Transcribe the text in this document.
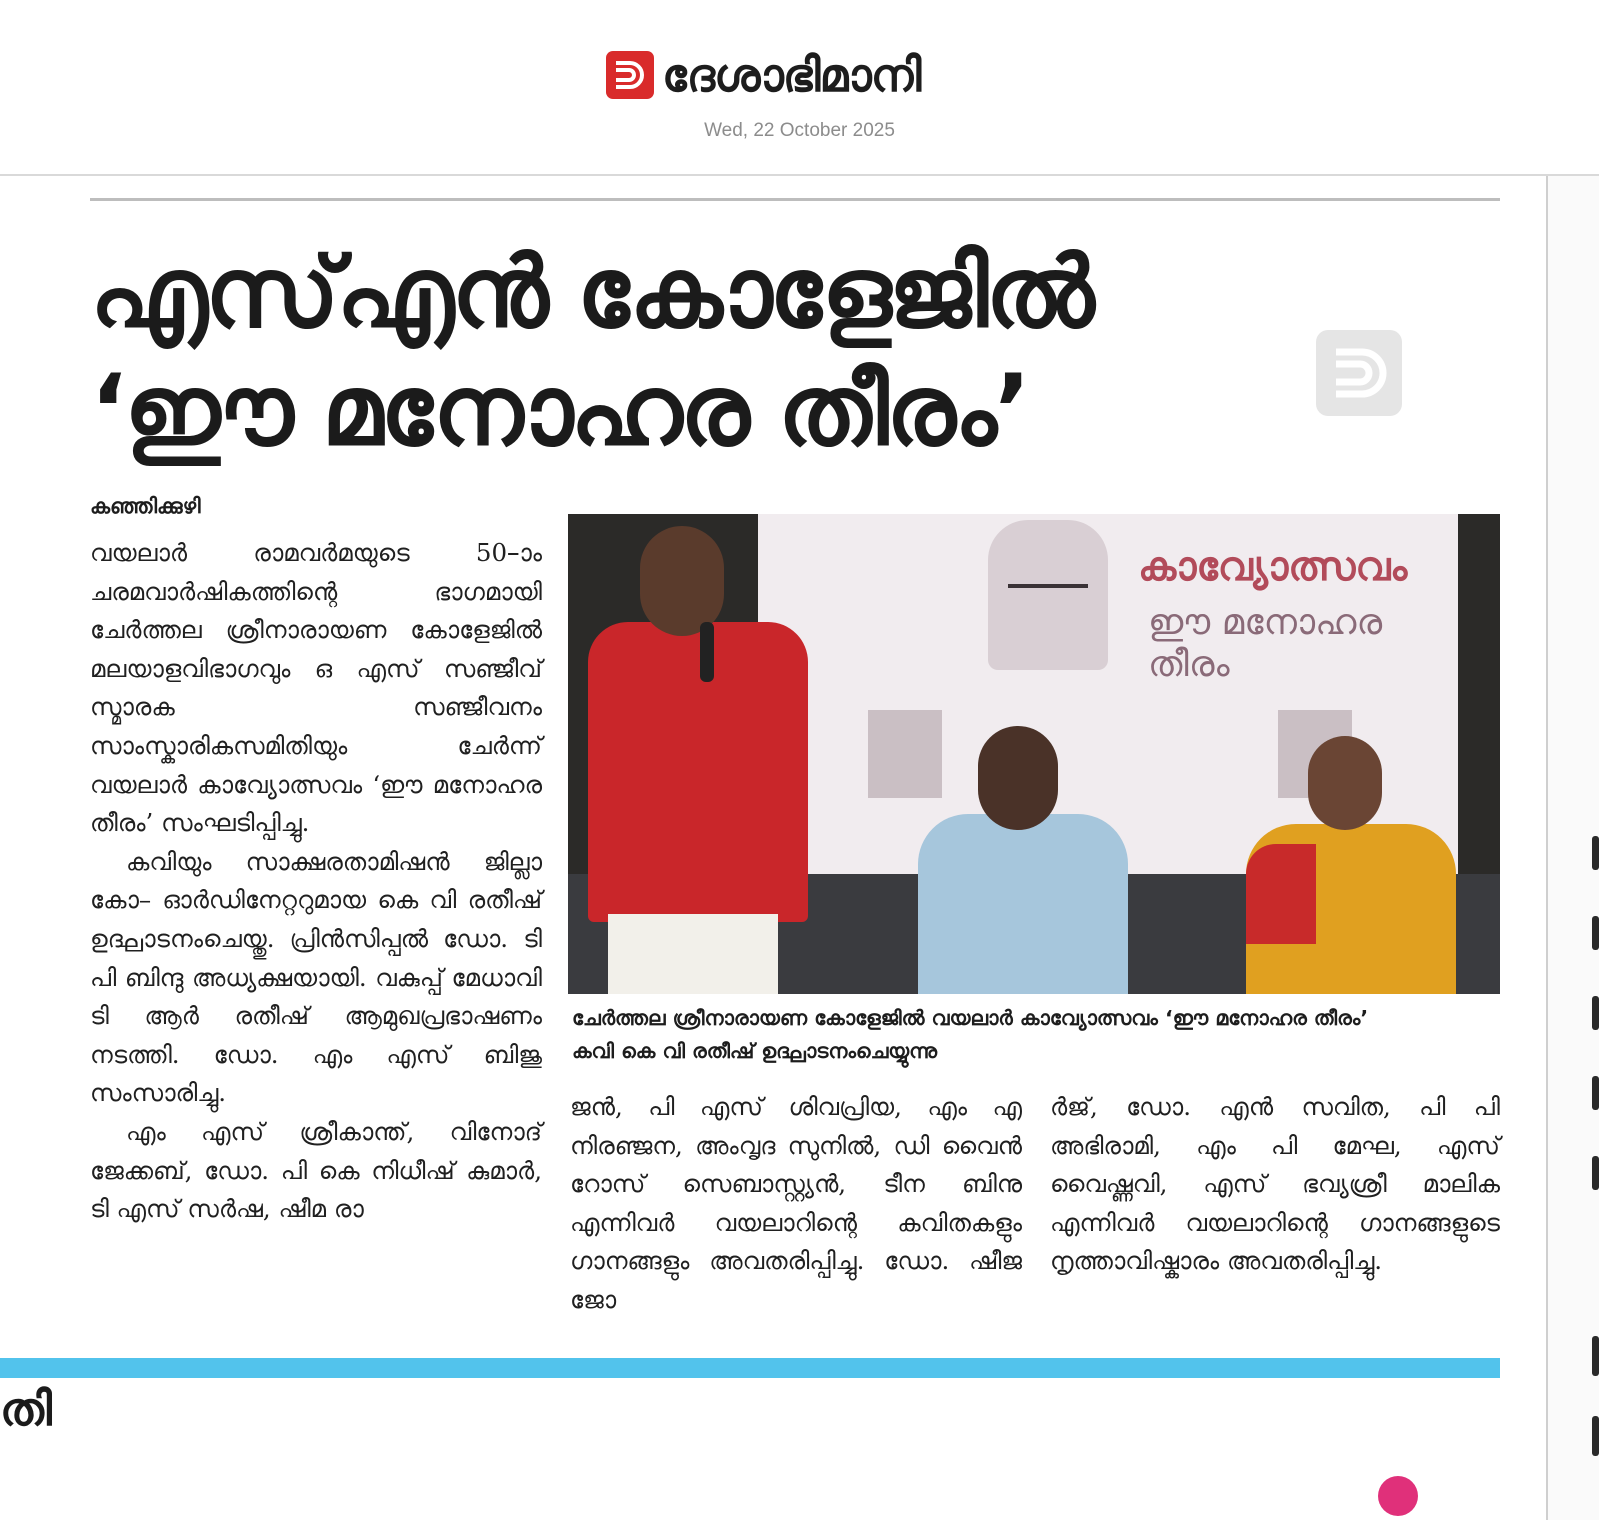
ദേശാഭിമാനി
Wed, 22 October 2025
എസ്എൻ കോളേജിൽ
‘ഈ മനോഹര തീരം’
കഞ്ഞിക്കുഴി

വയലാർ രാമവർമയുടെ 50–ാം ചരമവാർഷികത്തിന്റെ ഭാഗമായി ചേർത്തല ശ്രീനാരായണ കോളേജിൽ മലയാളവിഭാഗവും ഒ എസ് സഞ്ജീവ് സ്മാരക സഞ്ജീവനം സാംസ്കാരികസമിതിയും ചേർന്ന് വയലാർ കാവ്യോത്സവം ‘ഈ മനോഹര തീരം’ സംഘടിപ്പിച്ചു.

കവിയും സാക്ഷരതാമിഷൻ ജില്ലാ കോ– ഓർഡിനേറ്ററുമായ കെ വി രതീഷ് ഉദ്ഘാടനംചെയ്തു. പ്രിൻസിപ്പൽ ഡോ. ടി പി ബിന്ദു അധ്യക്ഷയായി. വകുപ്പ് മേധാവി ടി ആർ രതീഷ് ആമുഖപ്രഭാഷണം നടത്തി. ഡോ. എം എസ് ബിജു സംസാരിച്ചു.

എം എസ് ശ്രീകാന്ത്, വിനോദ് ജേക്കബ്, ഡോ. പി കെ നിധീഷ് കുമാർ, ടി എസ് സർഷ, ഷീമ രാ

കാവ്യോത്സവം
ഈ മനോഹര തീരം

ചേർത്തല ശ്രീനാരായണ കോളേജിൽ വയലാർ കാവ്യോത്സവം ‘ഈ മനോഹര തീരം’

കവി കെ വി രതീഷ് ഉദ്ഘാടനംചെയ്യുന്നു

ജൻ, പി എസ് ശിവപ്രിയ, എം എ നിരഞ്ജന, അംവൃദ സുനിൽ, ഡി വൈൻ റോസ് സെബാസ്റ്റ്യൻ, ടീന ബിനു എന്നിവർ വയലാറിന്റെ കവിതകളും ഗാനങ്ങളും അവതരിപ്പിച്ചു. ഡോ. ഷീജ ജോ

ർജ്, ഡോ. എൻ സവിത, പി പി അഭിരാമി, എം പി മേഘ, എസ് വൈഷ്ണവി, എസ് ഭവ്യശ്രീ മാലിക എന്നിവർ വയലാറിന്റെ ഗാനങ്ങളുടെ നൃത്താവിഷ്കാരം അവതരിപ്പിച്ചു.

തി
